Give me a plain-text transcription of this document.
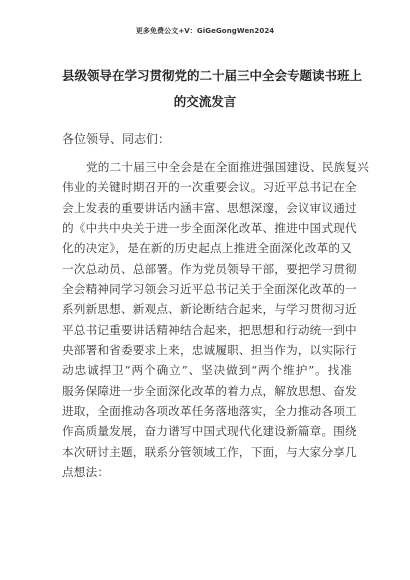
更多免费公文+V：GiGeGongWen2024
县级领导在学习贯彻党的二十届三中全会专题读书班上
的交流发言
各位领导、同志们：
党的二十届三中全会是在全面推进强国建设、民族复兴
伟业的关键时期召开的一次重要会议。习近平总书记在全
会上发表的重要讲话内涵丰富、思想深邃，会议审议通过
的《中共中央关于进一步全面深化改革、推进中国式现代
化的决定》，是在新的历史起点上推进全面深化改革的又
一次总动员、总部署。作为党员领导干部，要把学习贯彻
全会精神同学习领会习近平总书记关于全面深化改革的一
系列新思想、新观点、新论断结合起来，与学习贯彻习近
平总书记重要讲话精神结合起来，把思想和行动统一到中
央部署和省委要求上来，忠诚履职、担当作为，以实际行
动忠诚捍卫“两个确立”、坚决做到“两个维护”。找准
服务保障进一步全面深化改革的着力点，解放思想、奋发
进取，全面推动各项改革任务落地落实，全力推动各项工
作高质量发展，奋力谱写中国式现代化建设新篇章。围绕
本次研讨主题，联系分管领域工作，下面，与大家分享几
点想法：
